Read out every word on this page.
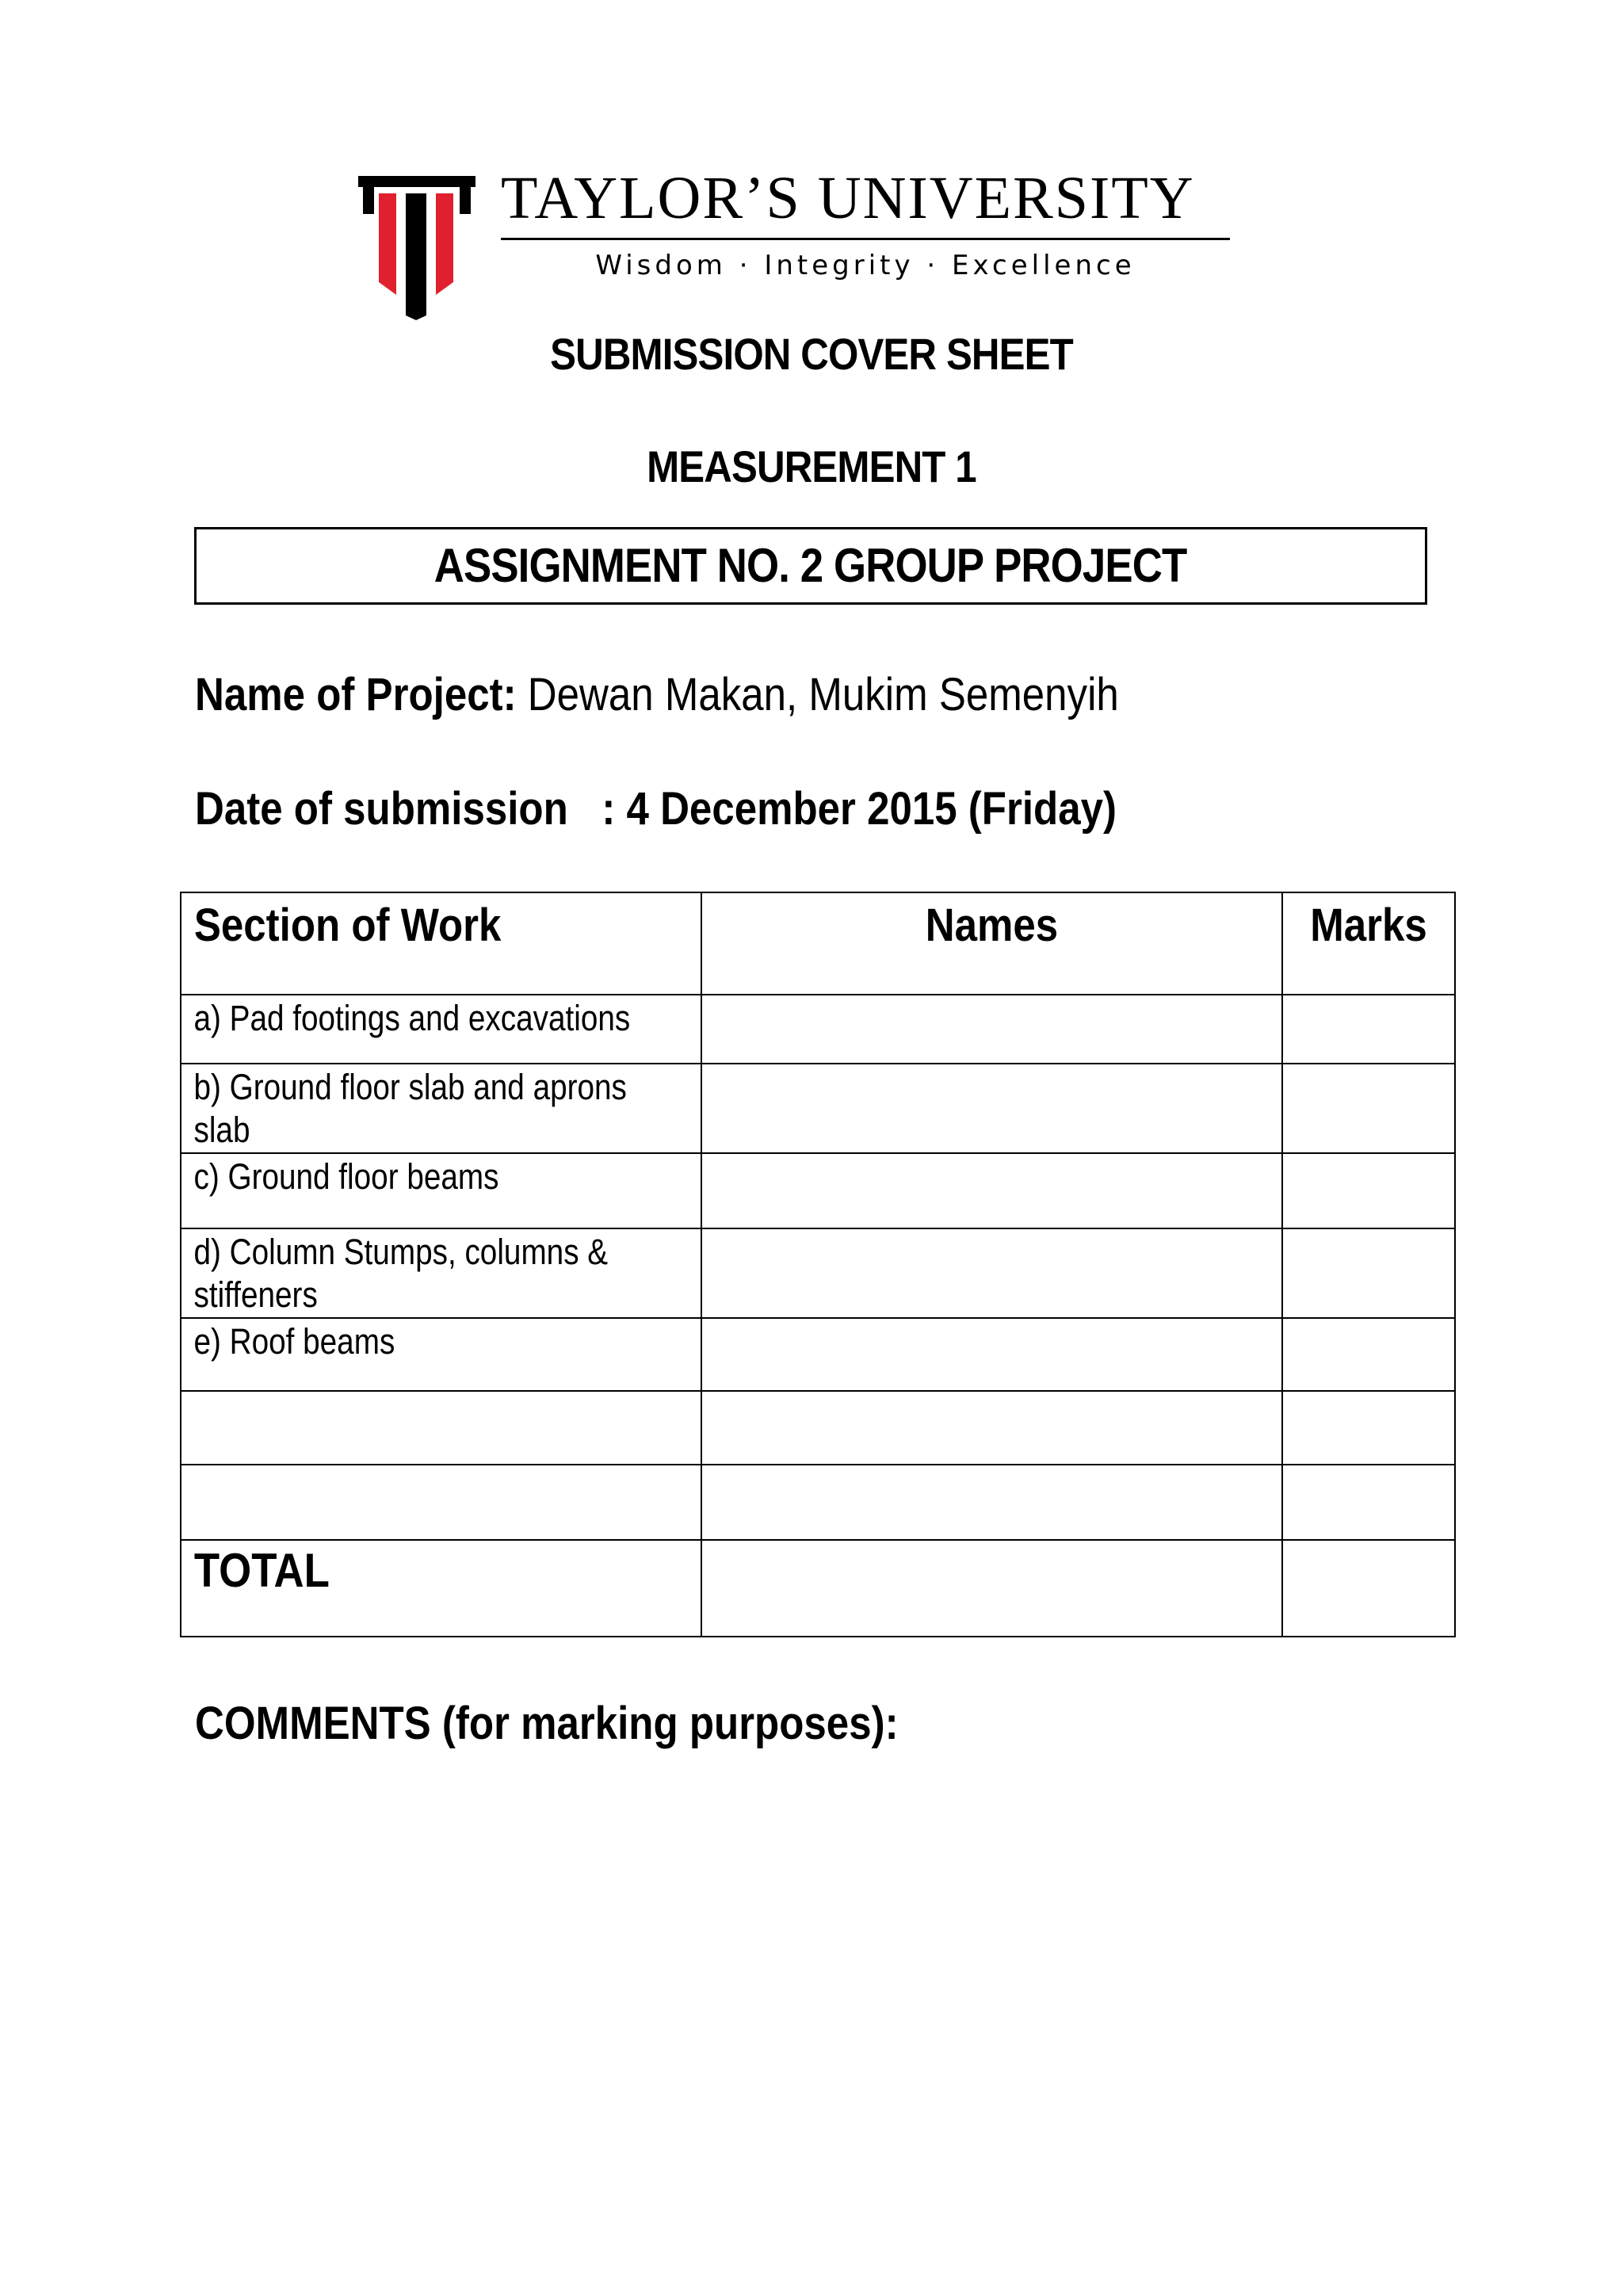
TAYLOR’S UNIVERSITY
Wisdom · Integrity · Excellence
SUBMISSION COVER SHEET
MEASUREMENT 1
ASSIGNMENT NO. 2 GROUP PROJECT
Name of Project: Dewan Makan, Mukim Semenyih
Date of submission : 4 December 2015 (Friday)
Section of Work	Names	Marks

a) Pad footings and excavations		

b) Ground floor slab and aprons slab		

c) Ground floor beams		

d) Column Stumps, columns & stiffeners		

e) Roof beams		

TOTAL		

COMMENTS (for marking purposes):
